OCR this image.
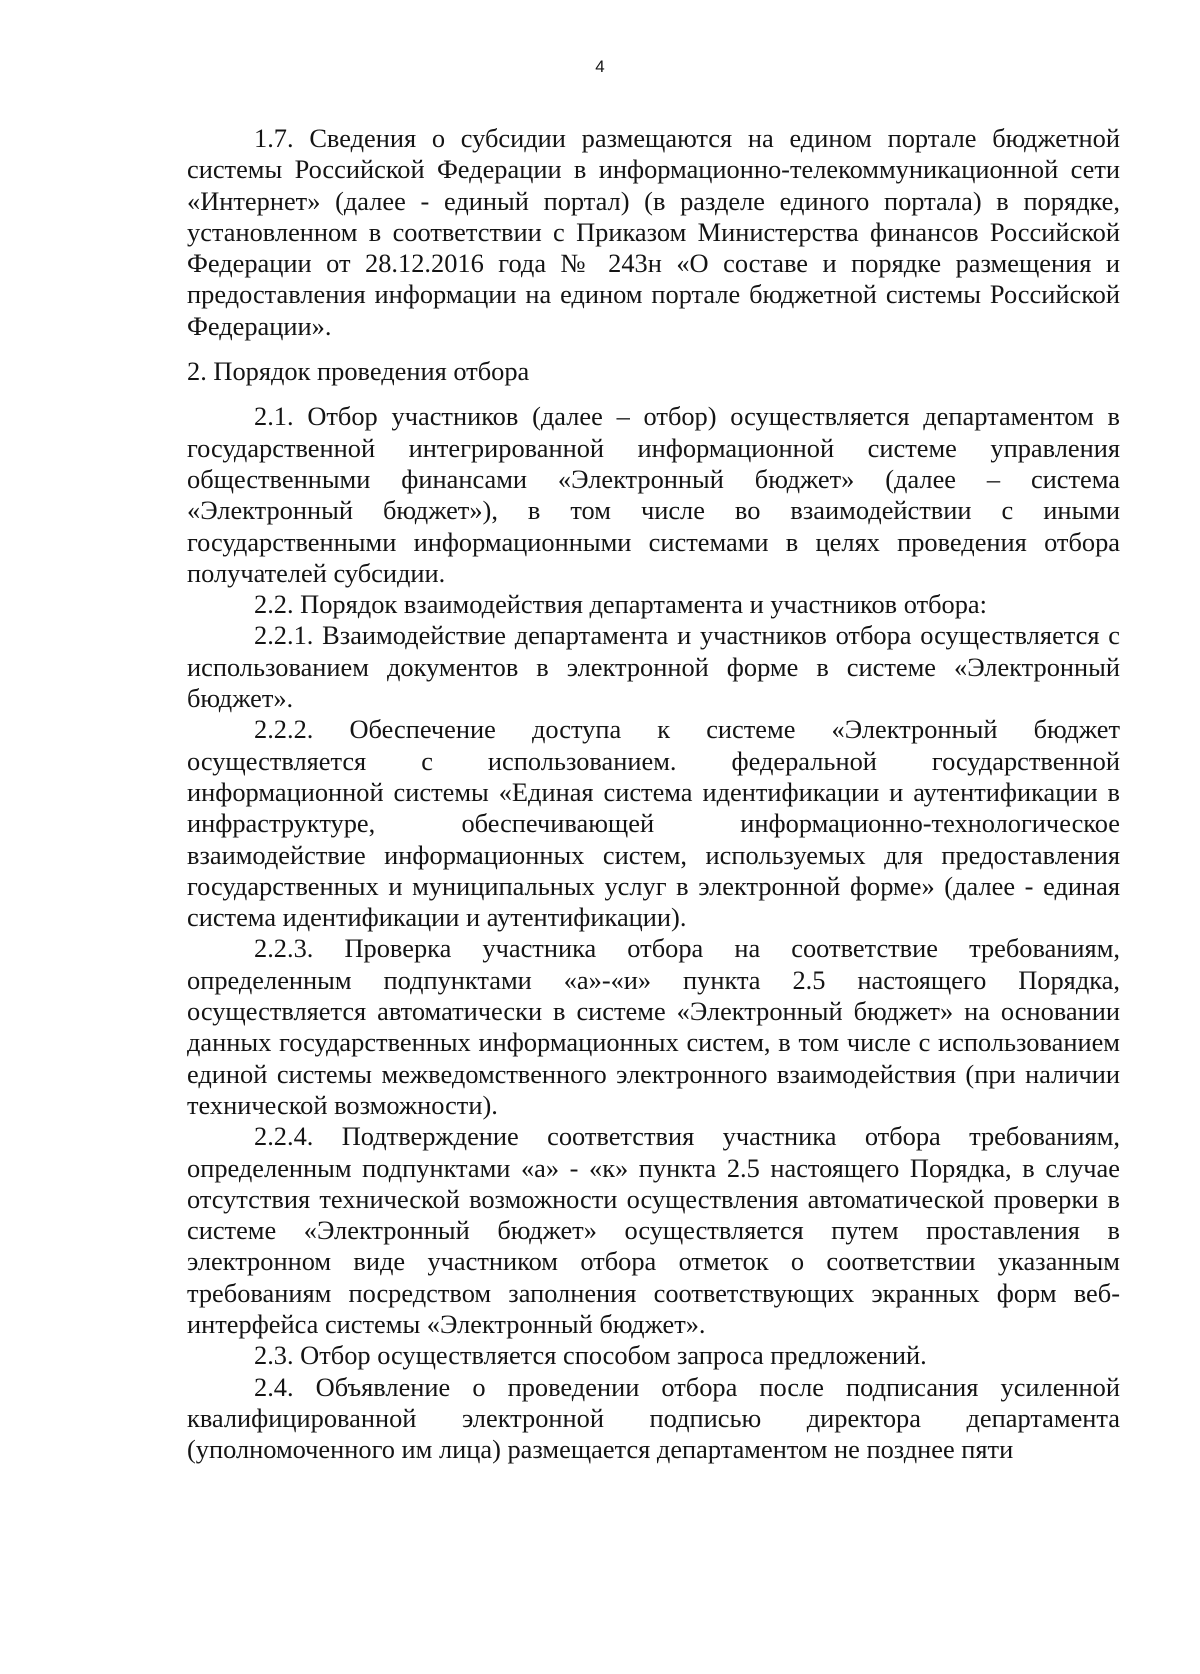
4

1.7. Сведения о субсидии размещаются на едином портале бюджетной системы Российской Федерации в информационно-телекоммуникационной сети «Интернет» (далее - единый портал) (в разделе единого портала) в порядке, установленном в соответствии с Приказом Министерства финансов Российской Федерации от 28.12.2016 года № 243н «О составе и порядке размещения и предоставления информации на едином портале бюджетной системы Российской Федерации».

2. Порядок проведения отбора

2.1. Отбор участников (далее – отбор) осуществляется департаментом в государственной интегрированной информационной системе управления общественными финансами «Электронный бюджет» (далее – система «Электронный бюджет»), в том числе во взаимодействии с иными государственными информационными системами в целях проведения отбора получателей субсидии.

2.2. Порядок взаимодействия департамента и участников отбора:

2.2.1. Взаимодействие департамента и участников отбора осуществляется с использованием документов в электронной форме в системе «Электронный бюджет».

2.2.2. Обеспечение доступа к системе «Электронный бюджет осуществляется с использованием. федеральной государственной информационной системы «Единая система идентификации и аутентификации в инфраструктуре, обеспечивающей информационно-технологическое взаимодействие информационных систем, используемых для предоставления государственных и муниципальных услуг в электронной форме» (далее - единая система идентификации и аутентификации).

2.2.3. Проверка участника отбора на соответствие требованиям, определенным подпунктами «а»-«и» пункта 2.5 настоящего Порядка, осуществляется автоматически в системе «Электронный бюджет» на основании данных государственных информационных систем, в том числе с использованием единой системы межведомственного электронного взаимодействия (при наличии технической возможности).

2.2.4. Подтверждение соответствия участника отбора требованиям, определенным подпунктами «а» - «к» пункта 2.5 настоящего Порядка, в случае отсутствия технической возможности осуществления автоматической проверки в системе «Электронный бюджет» осуществляется путем проставления в электронном виде участником отбора отметок о соответствии указанным требованиям посредством заполнения соответствующих экранных форм веб-интерфейса системы «Электронный бюджет».

2.3. Отбор осуществляется способом запроса предложений.

2.4. Объявление о проведении отбора после подписания усиленной квалифицированной электронной подписью директора департамента (уполномоченного им лица) размещается департаментом не позднее пяти
